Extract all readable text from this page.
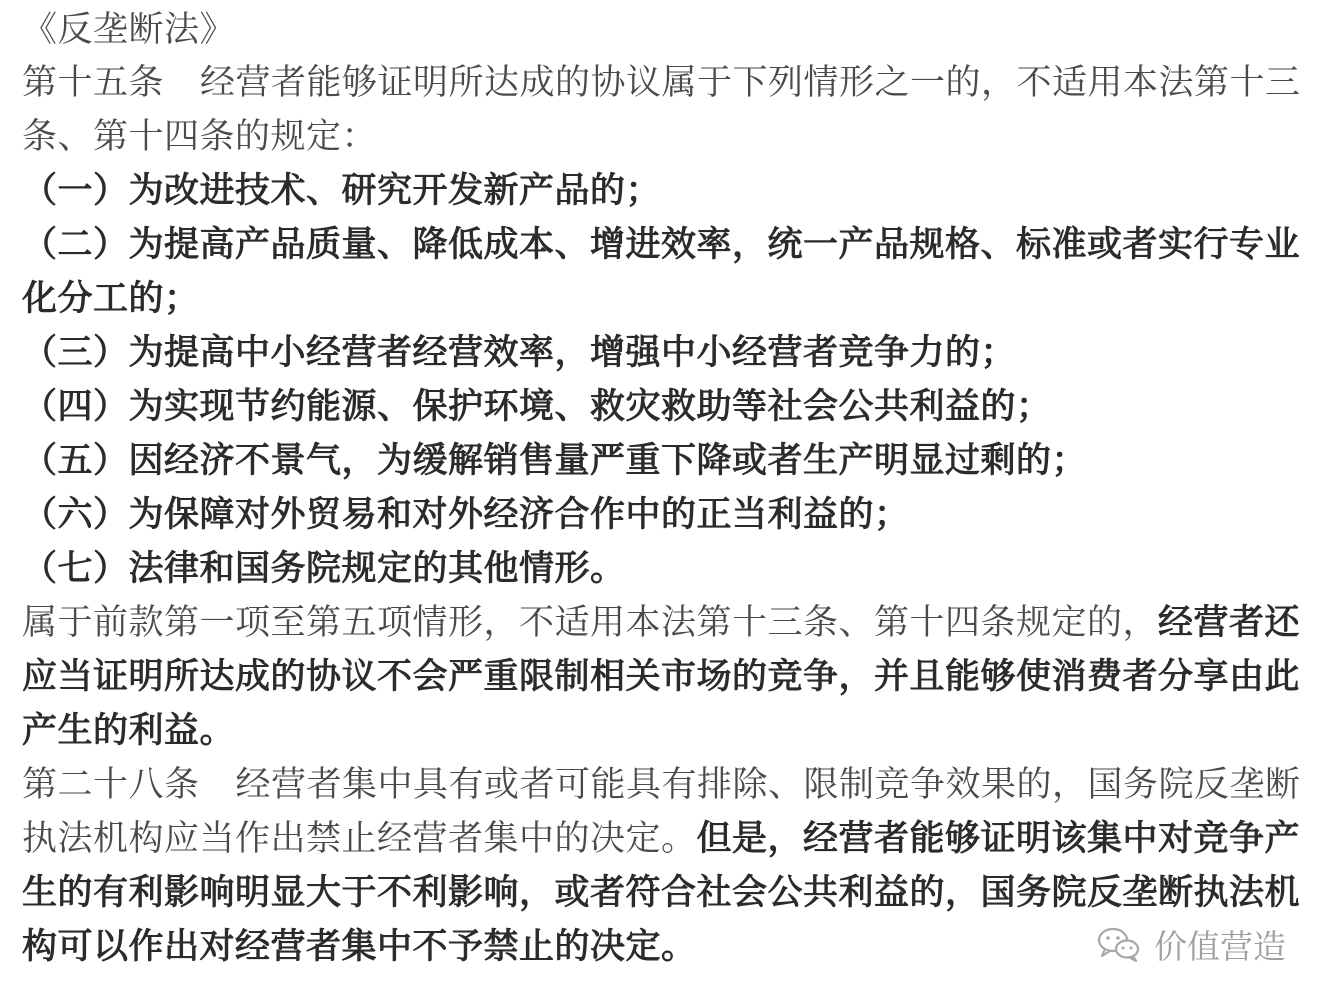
《反垄断法》
第十五条 经营者能够证明所达成的协议属于下列情形之一的，不适用本法第十三
条、第十四条的规定：
（一）为改进技术、研究开发新产品的；
（二）为提高产品质量、降低成本、增进效率，统一产品规格、标准或者实行专业
化分工的；
（三）为提高中小经营者经营效率，增强中小经营者竞争力的；
（四）为实现节约能源、保护环境、救灾救助等社会公共利益的；
（五）因经济不景气，为缓解销售量严重下降或者生产明显过剩的；
（六）为保障对外贸易和对外经济合作中的正当利益的；
（七）法律和国务院规定的其他情形。
属于前款第一项至第五项情形，不适用本法第十三条、第十四条规定的，经营者还
应当证明所达成的协议不会严重限制相关市场的竞争，并且能够使消费者分享由此
产生的利益。
第二十八条 经营者集中具有或者可能具有排除、限制竞争效果的，国务院反垄断
执法机构应当作出禁止经营者集中的决定。但是，经营者能够证明该集中对竞争产
生的有利影响明显大于不利影响，或者符合社会公共利益的，国务院反垄断执法机
构可以作出对经营者集中不予禁止的决定。	价值营造
